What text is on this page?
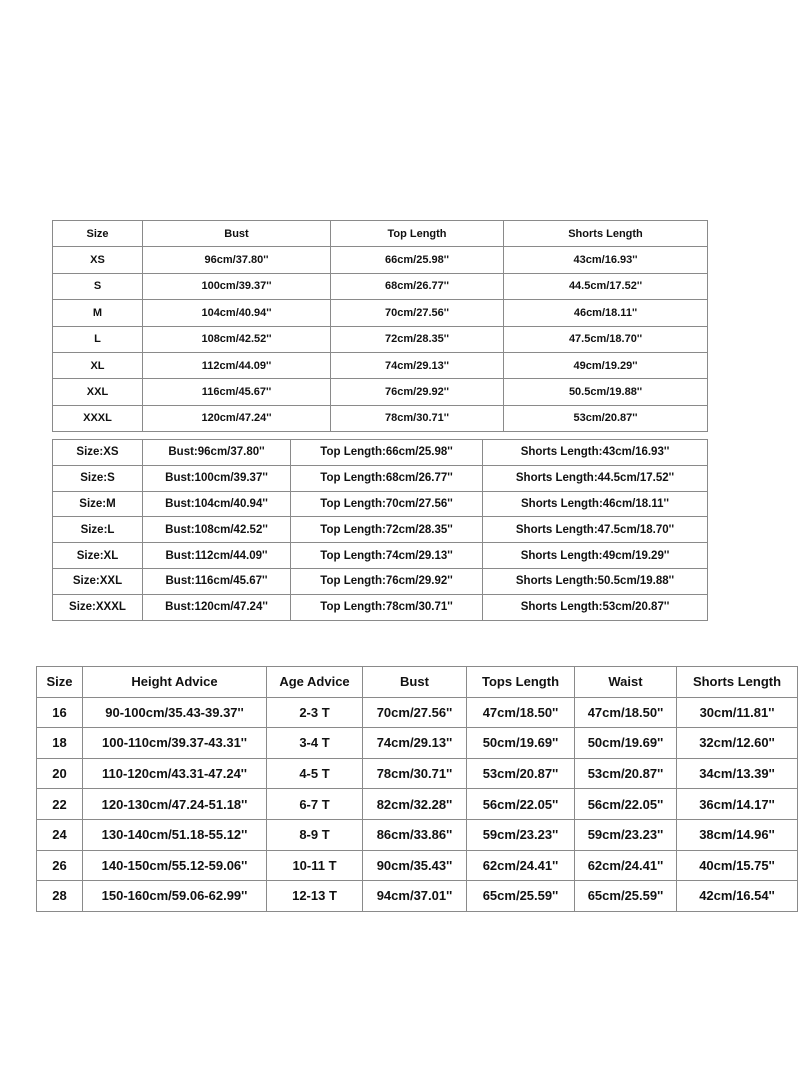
Size	Bust	Top Length	Shorts Length
XS	96cm/37.80''	66cm/25.98''	43cm/16.93''
S	100cm/39.37''	68cm/26.77''	44.5cm/17.52''
M	104cm/40.94''	70cm/27.56''	46cm/18.11''
L	108cm/42.52''	72cm/28.35''	47.5cm/18.70''
XL	112cm/44.09''	74cm/29.13''	49cm/19.29''
XXL	116cm/45.67''	76cm/29.92''	50.5cm/19.88''
XXXL	120cm/47.24''	78cm/30.71''	53cm/20.87''
Size:XS	Bust:96cm/37.80''	Top Length:66cm/25.98''	Shorts Length:43cm/16.93''
Size:S	Bust:100cm/39.37''	Top Length:68cm/26.77''	Shorts Length:44.5cm/17.52''
Size:M	Bust:104cm/40.94''	Top Length:70cm/27.56''	Shorts Length:46cm/18.11''
Size:L	Bust:108cm/42.52''	Top Length:72cm/28.35''	Shorts Length:47.5cm/18.70''
Size:XL	Bust:112cm/44.09''	Top Length:74cm/29.13''	Shorts Length:49cm/19.29''
Size:XXL	Bust:116cm/45.67''	Top Length:76cm/29.92''	Shorts Length:50.5cm/19.88''
Size:XXXL	Bust:120cm/47.24''	Top Length:78cm/30.71''	Shorts Length:53cm/20.87''
Size	Height Advice	Age Advice	Bust	Tops Length	Waist	Shorts Length
16	90-100cm/35.43-39.37''	2-3 T	70cm/27.56''	47cm/18.50''	47cm/18.50''	30cm/11.81''
18	100-110cm/39.37-43.31''	3-4 T	74cm/29.13''	50cm/19.69''	50cm/19.69''	32cm/12.60''
20	110-120cm/43.31-47.24''	4-5 T	78cm/30.71''	53cm/20.87''	53cm/20.87''	34cm/13.39''
22	120-130cm/47.24-51.18''	6-7 T	82cm/32.28''	56cm/22.05''	56cm/22.05''	36cm/14.17''
24	130-140cm/51.18-55.12''	8-9 T	86cm/33.86''	59cm/23.23''	59cm/23.23''	38cm/14.96''
26	140-150cm/55.12-59.06''	10-11 T	90cm/35.43''	62cm/24.41''	62cm/24.41''	40cm/15.75''
28	150-160cm/59.06-62.99''	12-13 T	94cm/37.01''	65cm/25.59''	65cm/25.59''	42cm/16.54''
